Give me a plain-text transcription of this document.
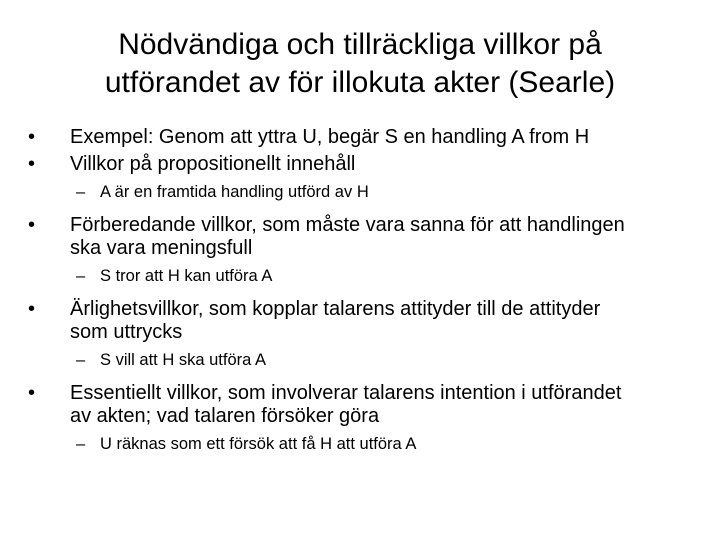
Nödvändiga och tillräckliga villkor på
utförandet av för illokuta akter (Searle)
•	Exempel: Genom att yttra U, begär S en handling A from H
•	Villkor på propositionellt innehåll
– A är en framtida handling utförd av H
•	Förberedande villkor, som måste vara sanna för att handlingen ska vara meningsfull
– S tror att H kan utföra A
•	Ärlighetsvillkor, som kopplar talarens attityder till de attityder som uttrycks
– S vill att H ska utföra A
•	Essentiellt villkor, som involverar talarens intention i utförandet av akten; vad talaren försöker göra
– U räknas som ett försök att få H att utföra A
